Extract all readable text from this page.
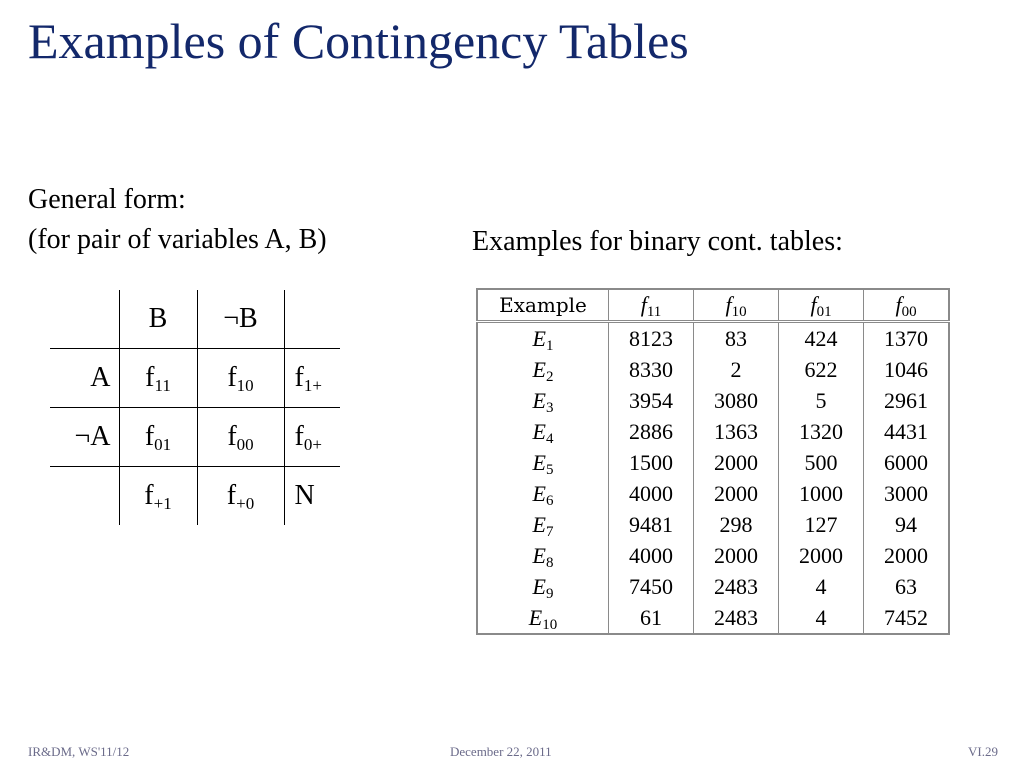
Examples of Contingency Tables
General form:
(for pair of variables A, B)	Examples for binary cont. tables:
	B	¬B	
A	$f_{11}$	$f_{10}$	$f_{1+}$
¬A	$f_{01}$	$f_{00}$	$f_{0+}$
	$f_{+1}$	$f_{+0}$	N
Example	$f_{11}$	$f_{10}$	$f_{01}$	$f_{00}$
$E_1$	8123	83	424	1370
$E_2$	8330	2	622	1046
$E_3$	3954	3080	5	2961
$E_4$	2886	1363	1320	4431
$E_5$	1500	2000	500	6000
$E_6$	4000	2000	1000	3000
$E_7$	9481	298	127	94
$E_8$	4000	2000	2000	2000
$E_9$	7450	2483	4	63
$E_{10}$	61	2483	4	7452
IR&DM, WS'11/12	December 22, 2011	VI.29
